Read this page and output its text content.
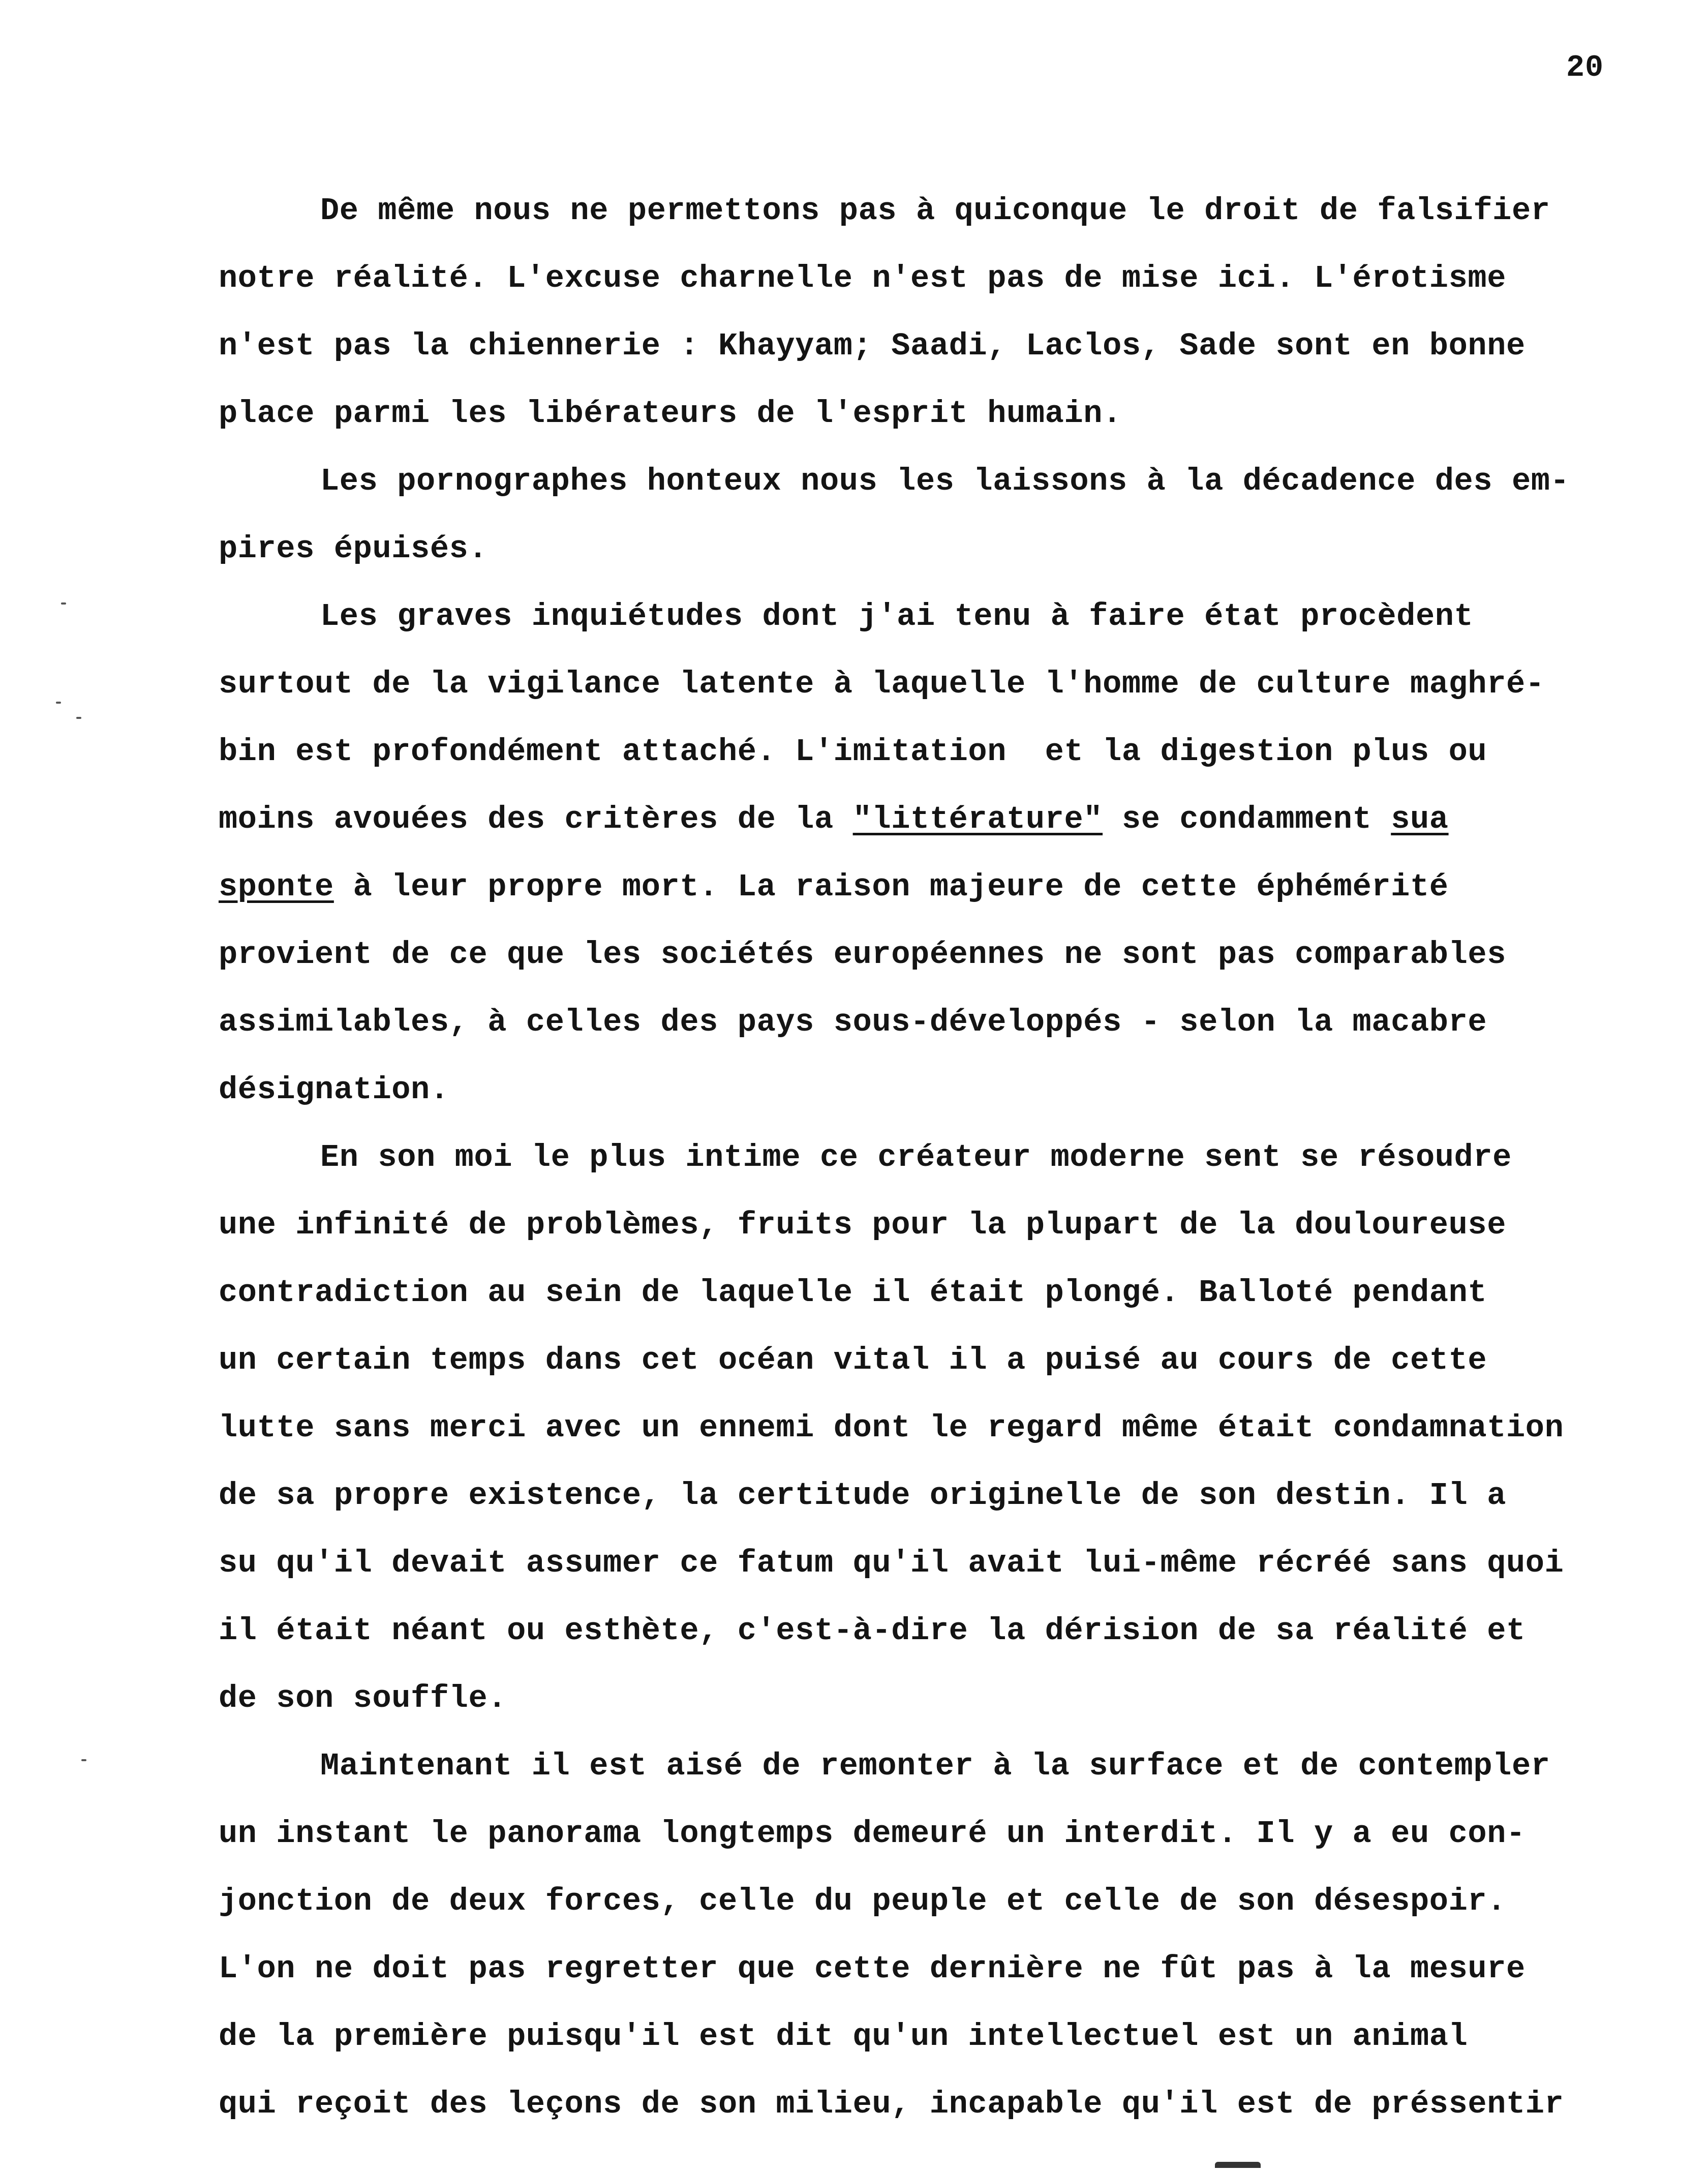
20
De même nous ne permettons pas à quiconque le droit de falsifier
notre réalité. L'excuse charnelle n'est pas de mise ici. L'érotisme
n'est pas la chiennerie : Khayyam; Saadi, Laclos, Sade sont en bonne
place parmi les libérateurs de l'esprit humain.
Les pornographes honteux nous les laissons à la décadence des em-
pires épuisés.
Les graves inquiétudes dont j'ai tenu à faire état procèdent
surtout de la vigilance latente à laquelle l'homme de culture maghré-
bin est profondément attaché. L'imitation  et la digestion plus ou
moins avouées des critères de la "littérature" se condamment sua
sponte à leur propre mort. La raison majeure de cette éphémérité
provient de ce que les sociétés européennes ne sont pas comparables
assimilables, à celles des pays sous-développés - selon la macabre
désignation.
En son moi le plus intime ce créateur moderne sent se résoudre
une infinité de problèmes, fruits pour la plupart de la douloureuse
contradiction au sein de laquelle il était plongé. Balloté pendant
un certain temps dans cet océan vital il a puisé au cours de cette
lutte sans merci avec un ennemi dont le regard même était condamnation
de sa propre existence, la certitude originelle de son destin. Il a
su qu'il devait assumer ce fatum qu'il avait lui-même récréé sans quoi
il était néant ou esthète, c'est-à-dire la dérision de sa réalité et
de son souffle.
Maintenant il est aisé de remonter à la surface et de contempler
un instant le panorama longtemps demeuré un interdit. Il y a eu con-
jonction de deux forces, celle du peuple et celle de son désespoir.
L'on ne doit pas regretter que cette dernière ne fût pas à la mesure
de la première puisqu'il est dit qu'un intellectuel est un animal
qui reçoit des leçons de son milieu, incapable qu'il est de préssentir
